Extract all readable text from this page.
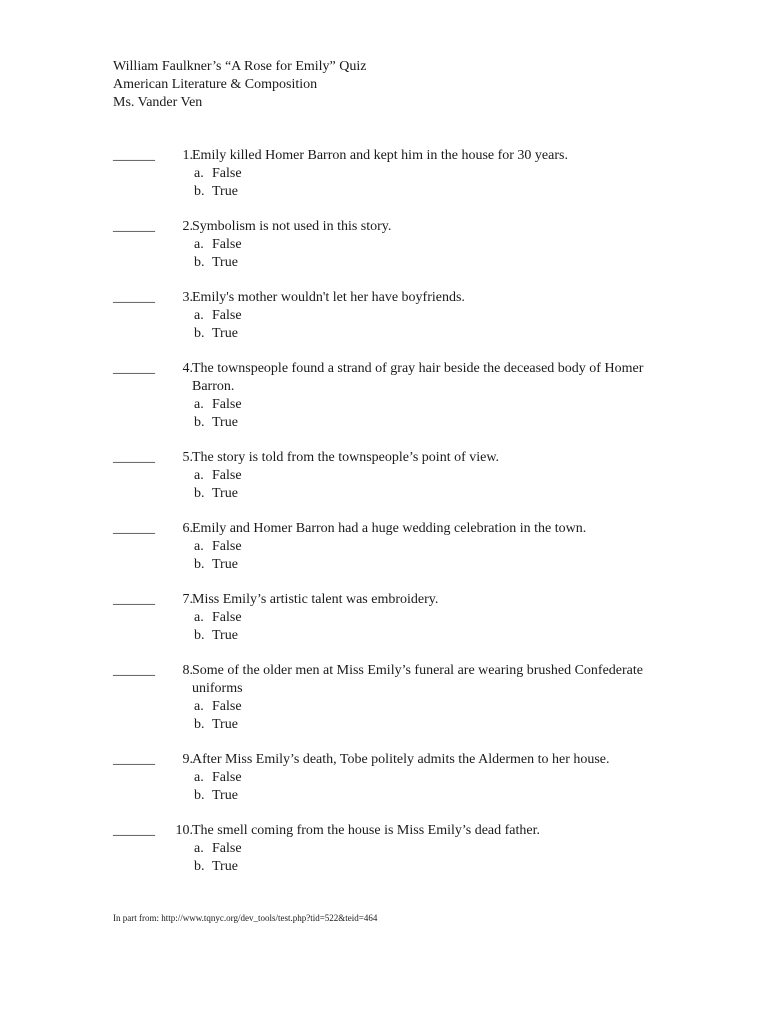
William Faulkner’s “A Rose for Emily” Quiz
American Literature & Composition
Ms. Vander Ven
______	1. Emily killed Homer Barron and kept him in the house for 30 years.
a. False
b. True
______	2. Symbolism is not used in this story.
a. False
b. True
______	3. Emily's mother wouldn't let her have boyfriends.
a. False
b. True
______	4. The townspeople found a strand of gray hair beside the deceased body of Homer Barron.
a. False
b. True
______	5. The story is told from the townspeople’s point of view.
a. False
b. True
______	6. Emily and Homer Barron had a huge wedding celebration in the town.
a. False
b. True
______	7. Miss Emily’s artistic talent was embroidery.
a. False
b. True
______	8. Some of the older men at Miss Emily’s funeral are wearing brushed Confederate uniforms
a. False
b. True
______	9. After Miss Emily’s death, Tobe politely admits the Aldermen to her house.
a. False
b. True
______	10. The smell coming from the house is Miss Emily’s dead father.
a. False
b. True
In part from: http://www.tqnyc.org/dev_tools/test.php?tid=522&teid=464
